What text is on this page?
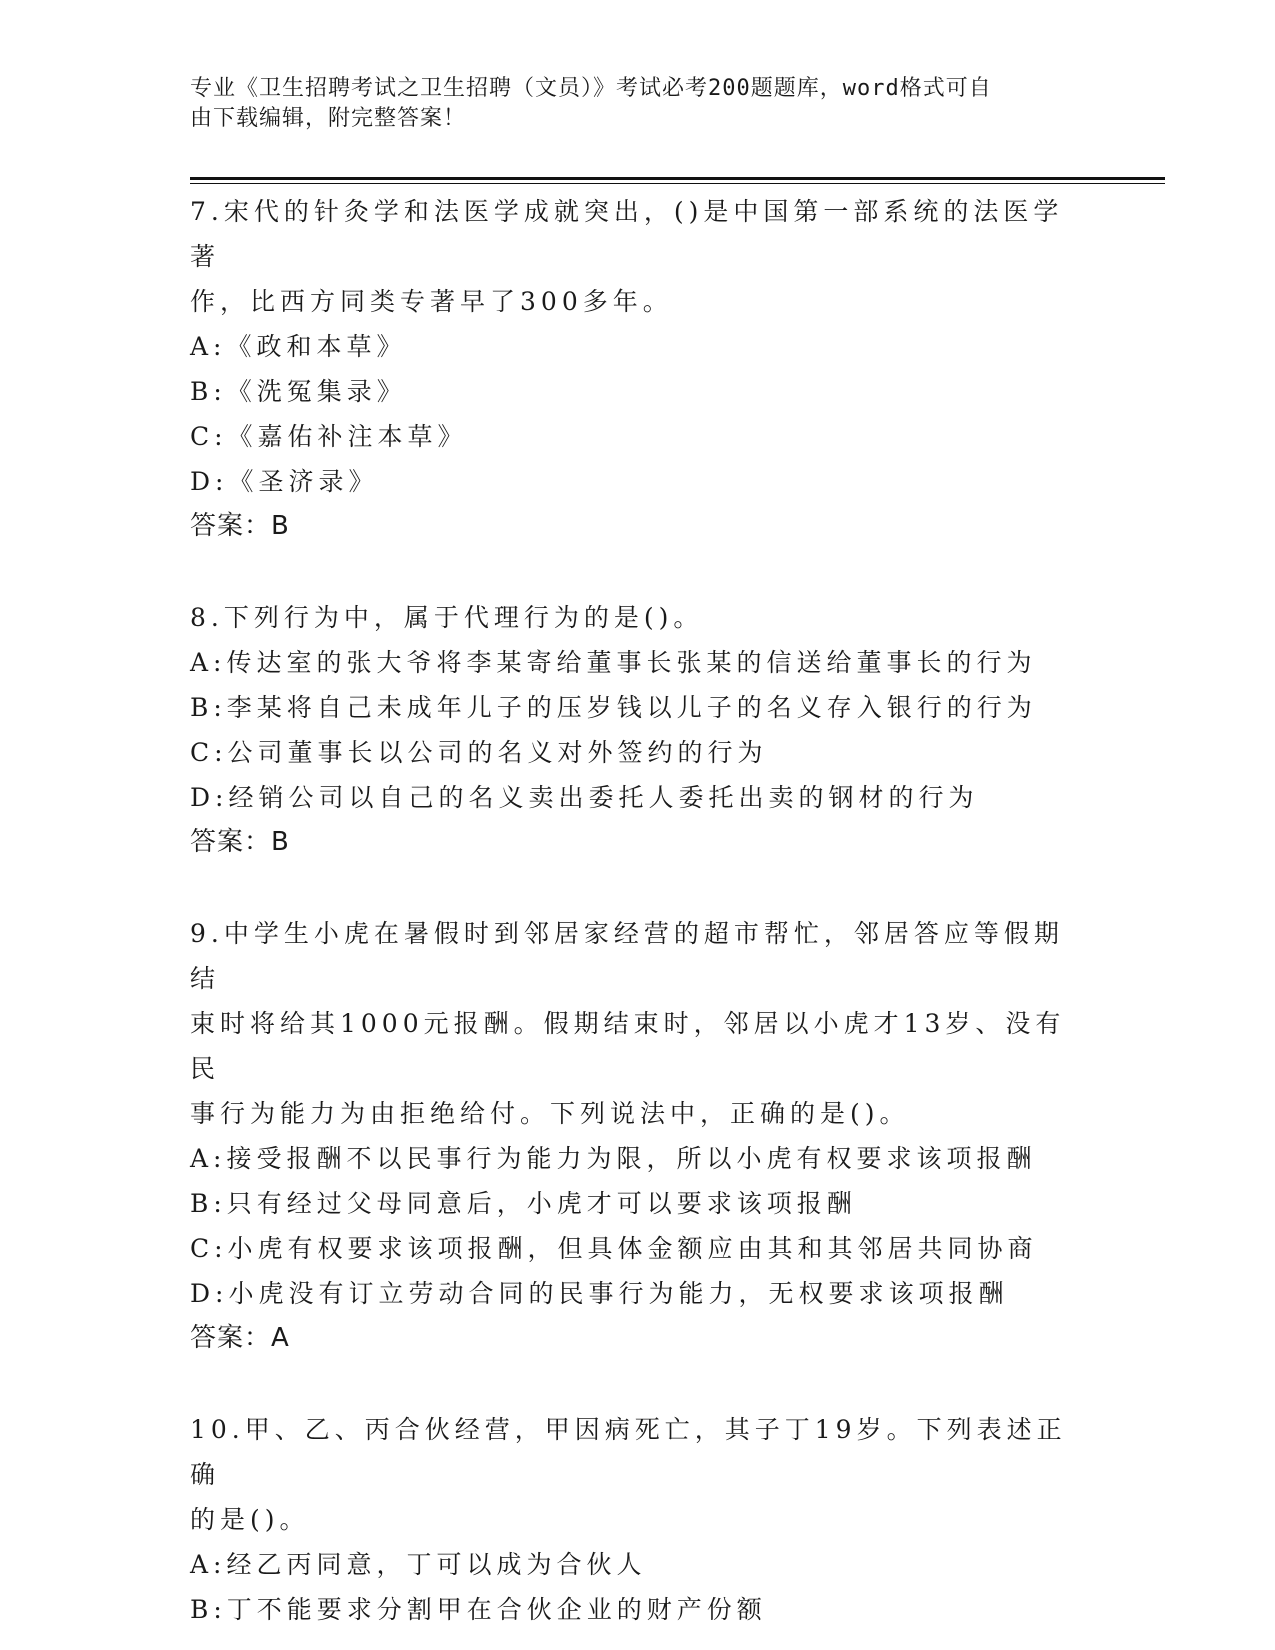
专业《卫生招聘考试之卫生招聘（文员）》考试必考200题题库，word格式可自
由下载编辑，附完整答案！

7.宋代的针灸学和法医学成就突出，()是中国第一部系统的法医学著

作，比西方同类专著早了300多年。

A:《政和本草》

B:《洗冤集录》

C:《嘉佑补注本草》

D:《圣济录》

答案：B

8.下列行为中，属于代理行为的是()。

A:传达室的张大爷将李某寄给董事长张某的信送给董事长的行为

B:李某将自己未成年儿子的压岁钱以儿子的名义存入银行的行为

C:公司董事长以公司的名义对外签约的行为

D:经销公司以自己的名义卖出委托人委托出卖的钢材的行为

答案：B

9.中学生小虎在暑假时到邻居家经营的超市帮忙，邻居答应等假期结

束时将给其1000元报酬。假期结束时，邻居以小虎才13岁、没有民

事行为能力为由拒绝给付。下列说法中，正确的是()。

A:接受报酬不以民事行为能力为限，所以小虎有权要求该项报酬

B:只有经过父母同意后，小虎才可以要求该项报酬

C:小虎有权要求该项报酬，但具体金额应由其和其邻居共同协商

D:小虎没有订立劳动合同的民事行为能力，无权要求该项报酬

答案：A

10.甲、乙、丙合伙经营，甲因病死亡，其子丁19岁。下列表述正确

的是()。

A:经乙丙同意，丁可以成为合伙人

B:丁不能要求分割甲在合伙企业的财产份额
